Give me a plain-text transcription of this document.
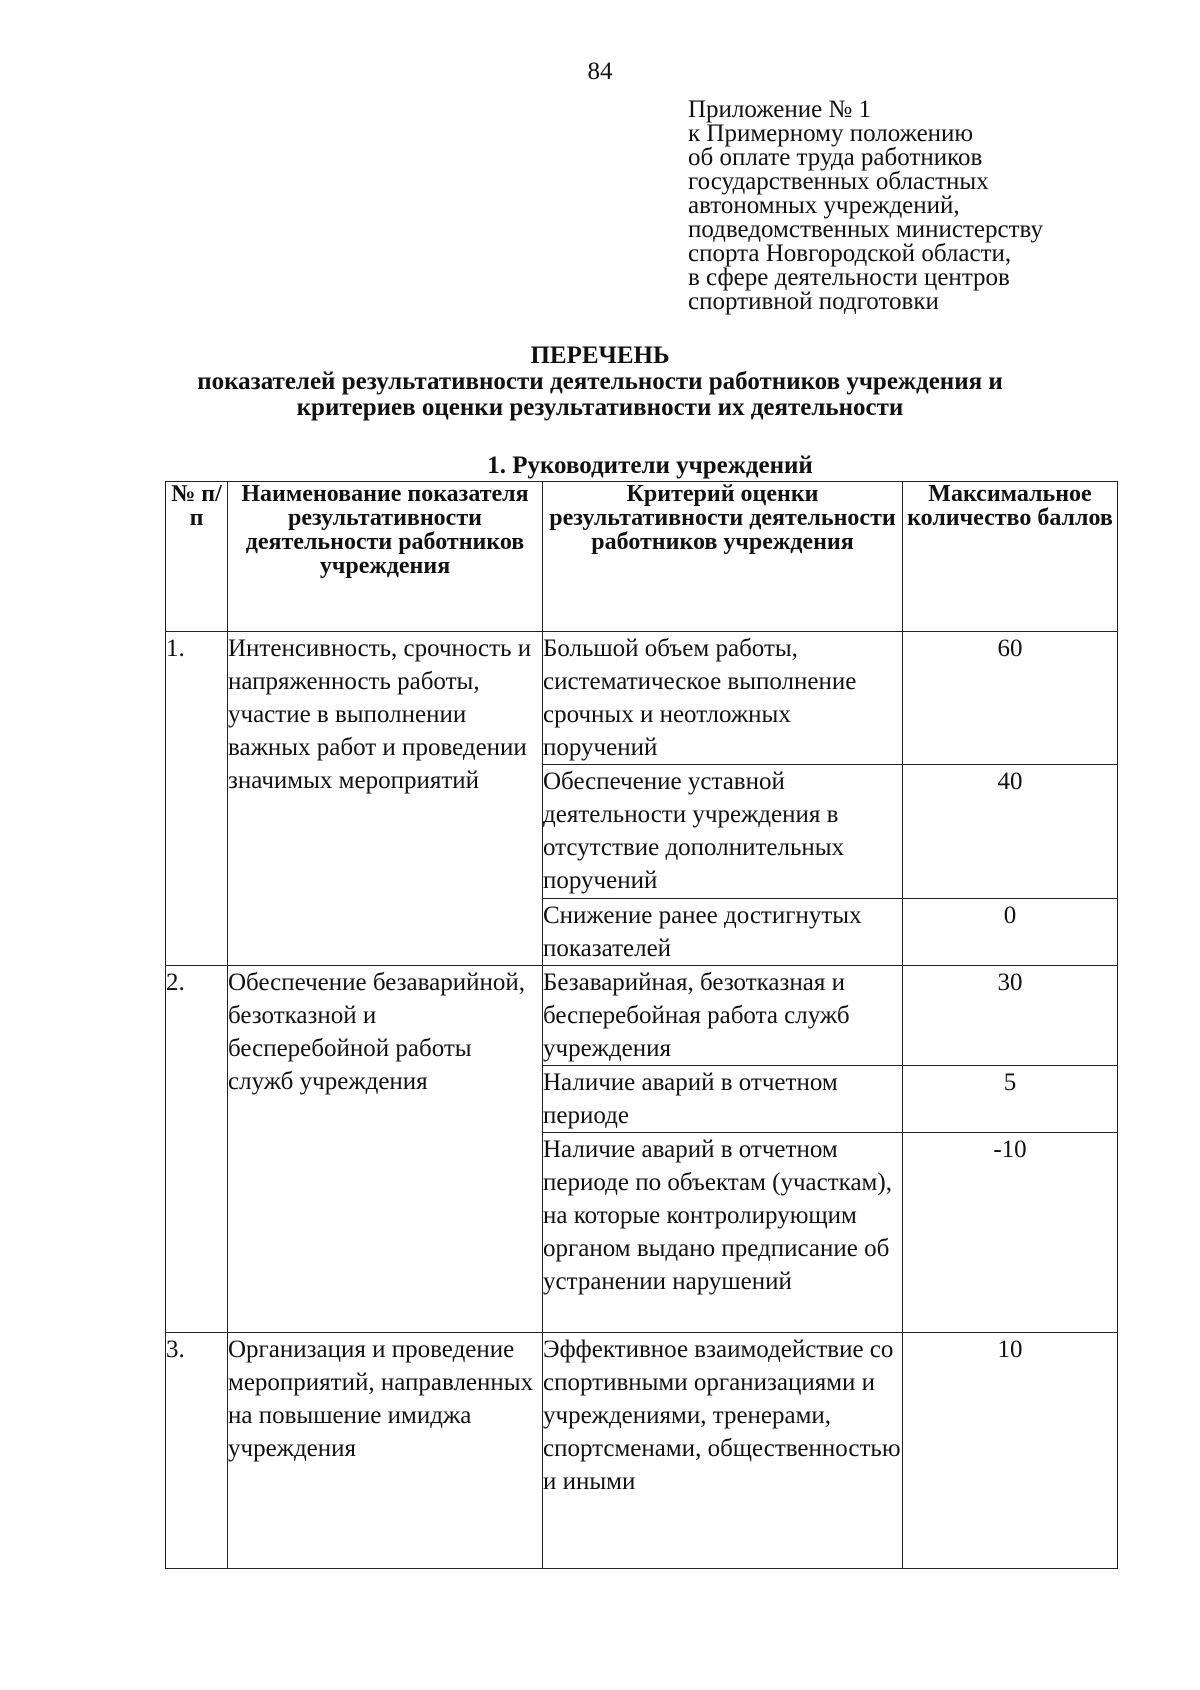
84
Приложение № 1
к Примерному положению
об оплате труда работников
государственных областных
автономных учреждений,
подведомственных министерству
спорта Новгородской области,
в сфере деятельности центров
спортивной подготовки
ПЕРЕЧЕНЬ
показателей результативности деятельности работников учреждения и
критериев оценки результативности их деятельности
1. Руководители учреждений
№ п/п	Наименование показателя результативности деятельности работников учреждения	Критерий оценки результативности деятельности работников учреждения	Максимальное количество баллов
1.	Интенсивность, срочность и напряженность работы, участие в выполнении важных работ и проведении значимых мероприятий	Большой объем работы, систематическое выполнение срочных и неотложных поручений	60
		Обеспечение уставной деятельности учреждения в отсутствие дополнительных поручений	40
		Снижение ранее достигнутых показателей	0
2.	Обеспечение безаварийной, безотказной и бесперебойной работы служб учреждения	Безаварийная, безотказная и бесперебойная работа служб учреждения	30
		Наличие аварий в отчетном периоде	5
		Наличие аварий в отчетном периоде по объектам (участкам), на которые контролирующим органом выдано предписание об устранении нарушений	-10
3.	Организация и проведение мероприятий, направленных на повышение имиджа учреждения	Эффективное взаимодействие со спортивными организациями и учреждениями, тренерами, спортсменами, общественностью и иными	10
